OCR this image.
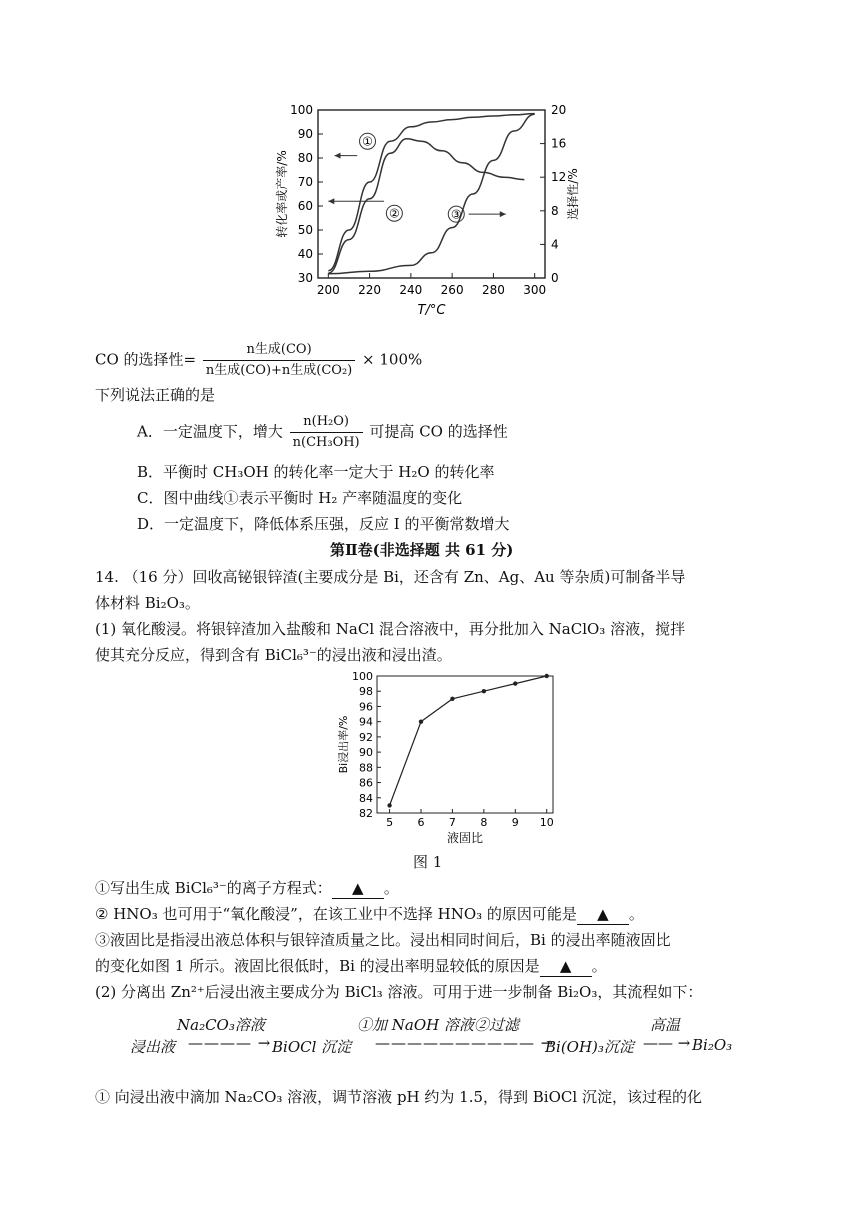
200 220 240 260 280 300
30
40
50
60
70
80
90
100
0
4
8
12
16
20
T/°C
转化率或产率/%	选择性/%
①
②	③
CO 的选择性= $\frac{\text{n生成(CO)}}{\text{n生成(CO)+n生成(CO₂)}} \times 100\%$
下列说法正确的是
A．一定温度下，增大 $\frac{\text{n(H₂O)}}{\text{n(CH₃OH)}}$ 可提高 CO 的选择性
B．平衡时 CH₃OH 的转化率一定大于 H₂O 的转化率
C．图中曲线①表示平衡时 H₂ 产率随温度的变化
D．一定温度下，降低体系压强，反应 I 的平衡常数增大
第Ⅱ卷(非选择题 共 61 分)
14. （16 分）回收高铋银锌渣(主要成分是 Bi，还含有 Zn、Ag、Au 等杂质)可制备半导
体材料 Bi₂O₃。
(1) 氧化酸浸。将银锌渣加入盐酸和 NaCl 混合溶液中，再分批加入 NaClO₃ 溶液，搅拌
使其充分反应，得到含有 BiCl₆³⁻的浸出液和浸出渣。
5 6 7 8 9 10
82
84
86
88
90
92
94
96
98
100
液固比
Bi浸出率/%
图 1
①写出生成 BiCl₆³⁻的离子方程式： ▲ 。
② HNO₃ 也可用于“氧化酸浸”，在该工业中不选择 HNO₃ 的原因可能是 ▲ 。
③液固比是指浸出液总体积与银锌渣质量之比。浸出相同时间后，Bi 的浸出率随液固比
的变化如图 1 所示。液固比很低时，Bi 的浸出率明显较低的原因是 ▲ 。
(2) 分离出 Zn²⁺后浸出液主要成分为 BiCl₃ 溶液。可用于进一步制备 Bi₂O₃，其流程如下：
Na₂CO₃溶液
浸出液 ———— → BiOCl 沉淀
①加 NaOH 溶液②过滤
—————————— →
Bi(OH)₃沉淀
高温
—— → Bi₂O₃
① 向浸出液中滴加 Na₂CO₃ 溶液，调节溶液 pH 约为 1.5，得到 BiOCl 沉淀，该过程的化
